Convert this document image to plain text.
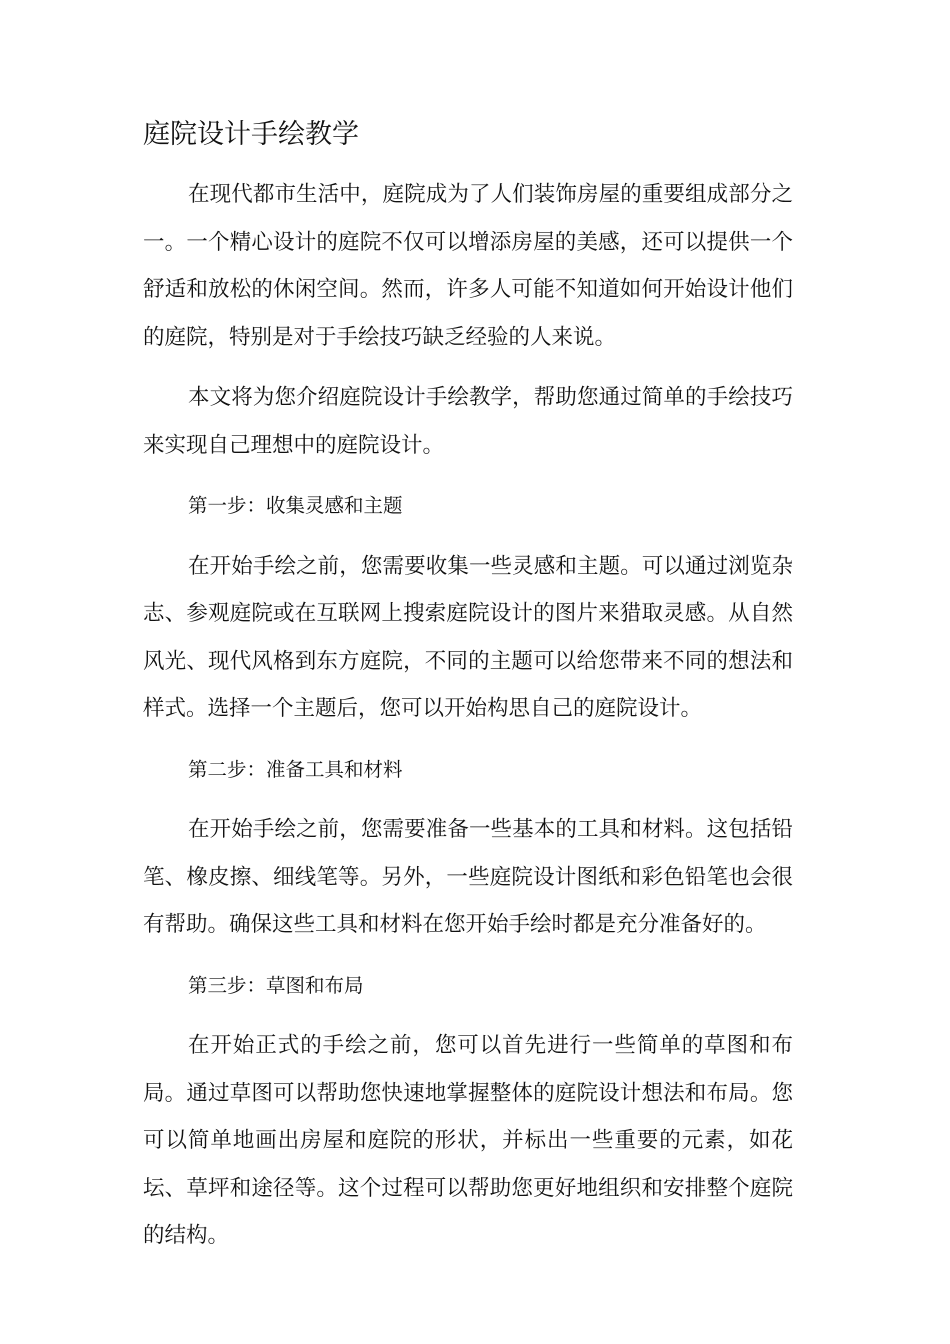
庭院设计手绘教学

在现代都市生活中，庭院成为了人们装饰房屋的重要组成部分之一。一个精心设计的庭院不仅可以增添房屋的美感，还可以提供一个舒适和放松的休闲空间。然而，许多人可能不知道如何开始设计他们的庭院，特别是对于手绘技巧缺乏经验的人来说。

本文将为您介绍庭院设计手绘教学，帮助您通过简单的手绘技巧来实现自己理想中的庭院设计。

第一步：收集灵感和主题

在开始手绘之前，您需要收集一些灵感和主题。可以通过浏览杂志、参观庭院或在互联网上搜索庭院设计的图片来猎取灵感。从自然风光、现代风格到东方庭院，不同的主题可以给您带来不同的想法和样式。选择一个主题后，您可以开始构思自己的庭院设计。

第二步：准备工具和材料

在开始手绘之前，您需要准备一些基本的工具和材料。这包括铅笔、橡皮擦、细线笔等。另外，一些庭院设计图纸和彩色铅笔也会很有帮助。确保这些工具和材料在您开始手绘时都是充分准备好的。

第三步：草图和布局

在开始正式的手绘之前，您可以首先进行一些简单的草图和布局。通过草图可以帮助您快速地掌握整体的庭院设计想法和布局。您可以简单地画出房屋和庭院的形状，并标出一些重要的元素，如花坛、草坪和途径等。这个过程可以帮助您更好地组织和安排整个庭院的结构。
